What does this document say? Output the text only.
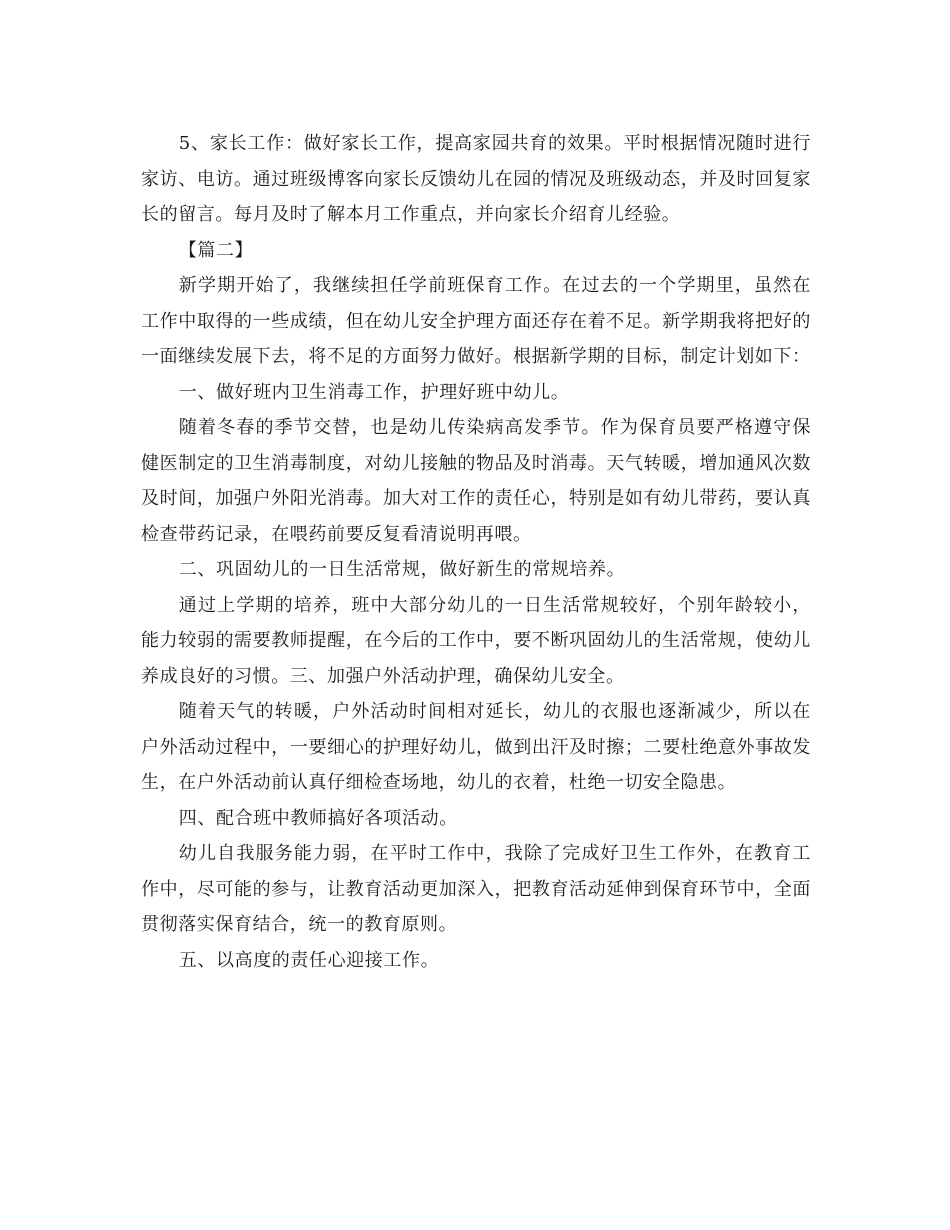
5、家长工作：做好家长工作，提高家园共育的效果。平时根据情况随时进行家访、电访。通过班级博客向家长反馈幼儿在园的情况及班级动态，并及时回复家长的留言。每月及时了解本月工作重点，并向家长介绍育儿经验。

【篇二】

新学期开始了，我继续担任学前班保育工作。在过去的一个学期里，虽然在工作中取得的一些成绩，但在幼儿安全护理方面还存在着不足。新学期我将把好的一面继续发展下去，将不足的方面努力做好。根据新学期的目标，制定计划如下：

一、做好班内卫生消毒工作，护理好班中幼儿。

随着冬春的季节交替，也是幼儿传染病高发季节。作为保育员要严格遵守保健医制定的卫生消毒制度，对幼儿接触的物品及时消毒。天气转暖，增加通风次数及时间，加强户外阳光消毒。加大对工作的责任心，特别是如有幼儿带药，要认真检查带药记录，在喂药前要反复看清说明再喂。

二、巩固幼儿的一日生活常规，做好新生的常规培养。

通过上学期的培养，班中大部分幼儿的一日生活常规较好，个别年龄较小，能力较弱的需要教师提醒，在今后的工作中，要不断巩固幼儿的生活常规，使幼儿养成良好的习惯。三、加强户外活动护理，确保幼儿安全。

随着天气的转暖，户外活动时间相对延长，幼儿的衣服也逐渐减少，所以在户外活动过程中，一要细心的护理好幼儿，做到出汗及时擦；二要杜绝意外事故发生，在户外活动前认真仔细检查场地，幼儿的衣着，杜绝一切安全隐患。

四、配合班中教师搞好各项活动。

幼儿自我服务能力弱，在平时工作中，我除了完成好卫生工作外，在教育工作中，尽可能的参与，让教育活动更加深入，把教育活动延伸到保育环节中，全面贯彻落实保育结合，统一的教育原则。

五、以高度的责任心迎接工作。
